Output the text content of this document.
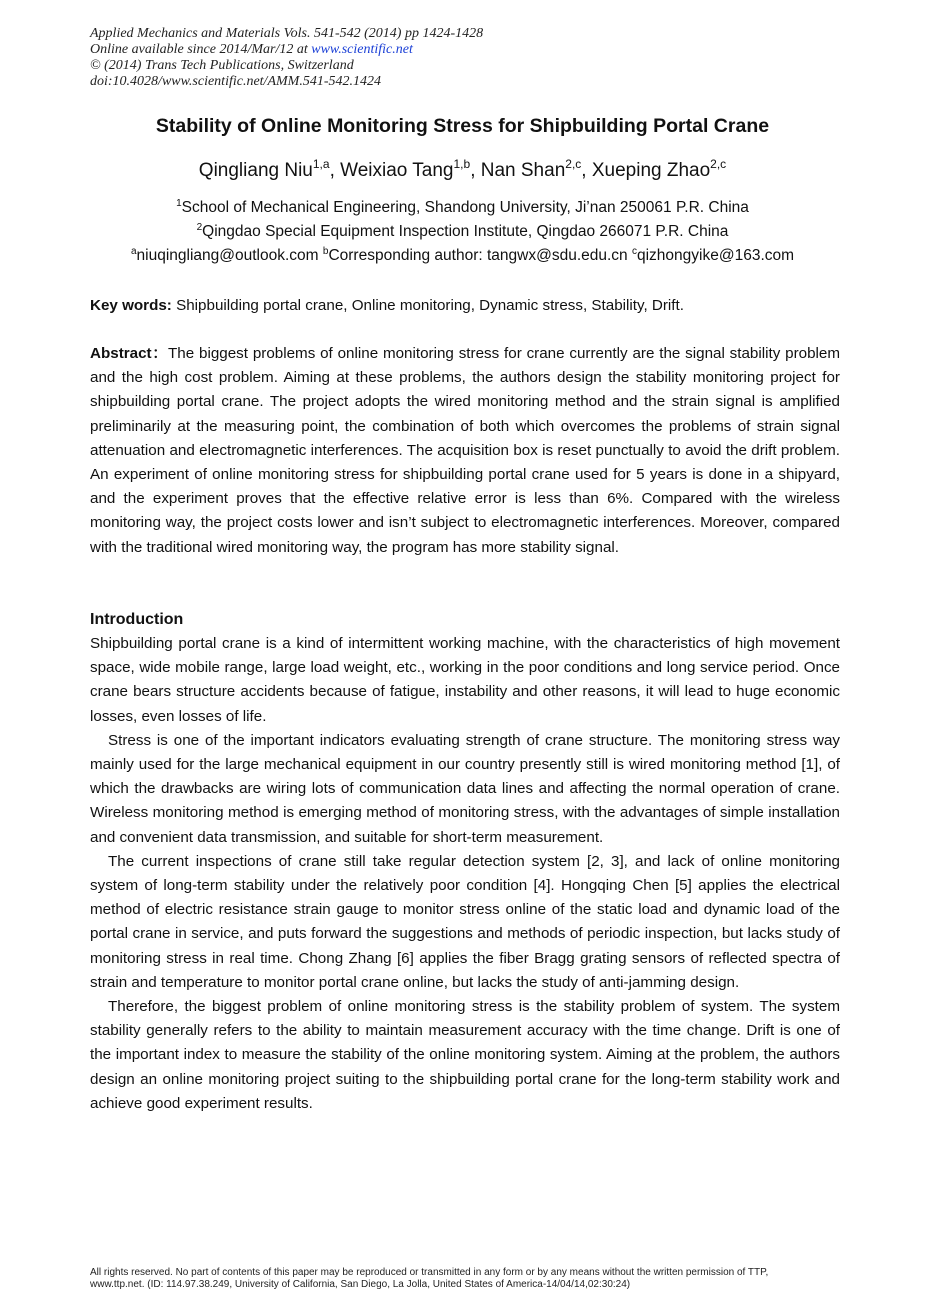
Applied Mechanics and Materials Vols. 541-542 (2014) pp 1424-1428
Online available since 2014/Mar/12 at www.scientific.net
© (2014) Trans Tech Publications, Switzerland
doi:10.4028/www.scientific.net/AMM.541-542.1424
Stability of Online Monitoring Stress for Shipbuilding Portal Crane
Qingliang Niu$^{1,a}$, Weixiao Tang$^{1,b}$, Nan Shan$^{2,c}$, Xueping Zhao$^{2,c}$
$^1$School of Mechanical Engineering, Shandong University, Ji’nan 250061 P.R. China
$^2$Qingdao Special Equipment Inspection Institute, Qingdao 266071 P.R. China
$^a$niuqingliang@outlook.com $^b$Corresponding author: tangwx@sdu.edu.cn $^c$qizhongyike@163.com
Key words: Shipbuilding portal crane, Online monitoring, Dynamic stress, Stability, Drift.
Abstract：The biggest problems of online monitoring stress for crane currently are the signal stability problem and the high cost problem. Aiming at these problems, the authors design the stability monitoring project for shipbuilding portal crane. The project adopts the wired monitoring method and the strain signal is amplified preliminarily at the measuring point, the combination of both which overcomes the problems of strain signal attenuation and electromagnetic interferences. The acquisition box is reset punctually to avoid the drift problem. An experiment of online monitoring stress for shipbuilding portal crane used for 5 years is done in a shipyard, and the experiment proves that the effective relative error is less than 6%. Compared with the wireless monitoring way, the project costs lower and isn’t subject to electromagnetic interferences. Moreover, compared with the traditional wired monitoring way, the program has more stability signal.
Introduction

Shipbuilding portal crane is a kind of intermittent working machine, with the characteristics of high movement space, wide mobile range, large load weight, etc., working in the poor conditions and long service period. Once crane bears structure accidents because of fatigue, instability and other reasons, it will lead to huge economic losses, even losses of life.

Stress is one of the important indicators evaluating strength of crane structure. The monitoring stress way mainly used for the large mechanical equipment in our country presently still is wired monitoring method [1], of which the drawbacks are wiring lots of communication data lines and affecting the normal operation of crane. Wireless monitoring method is emerging method of monitoring stress, with the advantages of simple installation and convenient data transmission, and suitable for short-term measurement.

The current inspections of crane still take regular detection system [2, 3], and lack of online monitoring system of long-term stability under the relatively poor condition [4]. Hongqing Chen [5] applies the electrical method of electric resistance strain gauge to monitor stress online of the static load and dynamic load of the portal crane in service, and puts forward the suggestions and methods of periodic inspection, but lacks study of monitoring stress in real time. Chong Zhang [6] applies the fiber Bragg grating sensors of reflected spectra of strain and temperature to monitor portal crane online, but lacks the study of anti-jamming design.

Therefore, the biggest problem of online monitoring stress is the stability problem of system. The system stability generally refers to the ability to maintain measurement accuracy with the time change. Drift is one of the important index to measure the stability of the online monitoring system. Aiming at the problem, the authors design an online monitoring project suiting to the shipbuilding portal crane for the long-term stability work and achieve good experiment results.

All rights reserved. No part of contents of this paper may be reproduced or transmitted in any form or by any means without the written permission of TTP,
www.ttp.net. (ID: 114.97.38.249, University of California, San Diego, La Jolla, United States of America-14/04/14,02:30:24)
